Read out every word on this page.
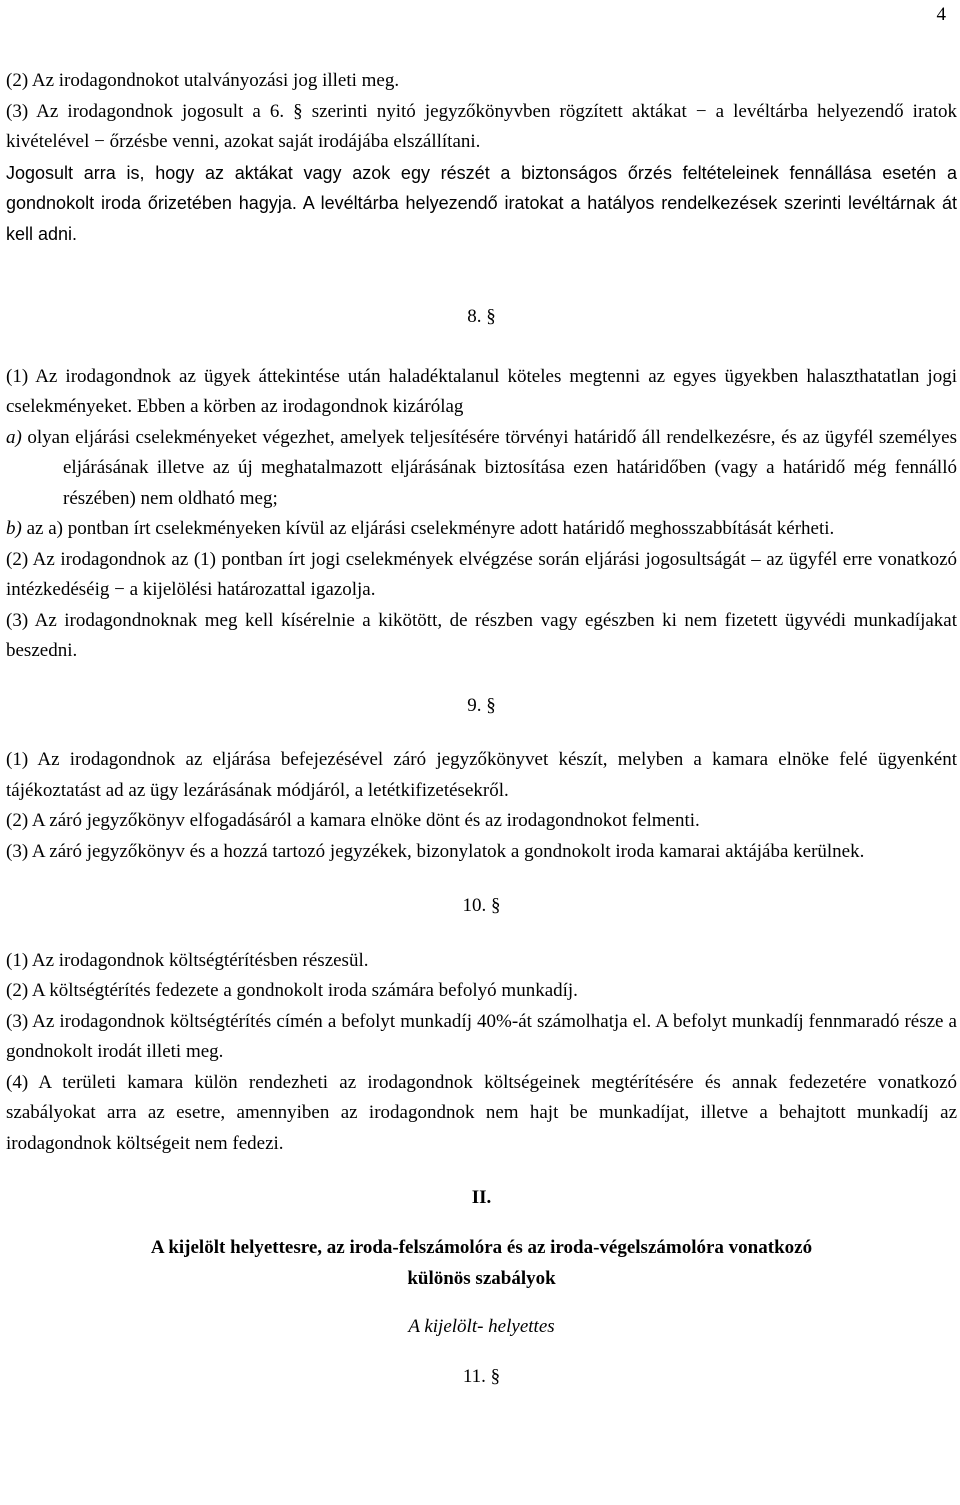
4

(2) Az irodagondnokot utalványozási jog illeti meg.

(3) Az irodagondnok jogosult a 6. § szerinti nyitó jegyzőkönyvben rögzített aktákat − a levéltárba helyezendő iratok kivételével − őrzésbe venni, azokat saját irodájába elszállítani.

Jogosult arra is, hogy az aktákat vagy azok egy részét a biztonságos őrzés feltételeinek fennállása esetén a gondnokolt iroda őrizetében hagyja. A levéltárba helyezendő iratokat a hatályos rendelkezések szerinti levéltárnak át kell adni.

8. §

(1) Az irodagondnok az ügyek áttekintése után haladéktalanul köteles megtenni az egyes ügyekben halaszthatatlan jogi cselekményeket. Ebben a körben az irodagondnok kizárólag

a) olyan eljárási cselekményeket végezhet, amelyek teljesítésére törvényi határidő áll rendelkezésre, és az ügyfél személyes eljárásának illetve az új meghatalmazott eljárásának biztosítása ezen határidőben (vagy a határidő még fennálló részében) nem oldható meg;
b) az a) pontban írt cselekményeken kívül az eljárási cselekményre adott határidő meghosszabbítását kérheti.

(2) Az irodagondnok az (1) pontban írt jogi cselekmények elvégzése során eljárási jogosultságát – az ügyfél erre vonatkozó intézkedéséig − a kijelölési határozattal igazolja.

(3) Az irodagondnoknak meg kell kísérelnie a kikötött, de részben vagy egészben ki nem fizetett ügyvédi munkadíjakat beszedni.

9. §

(1) Az irodagondnok az eljárása befejezésével záró jegyzőkönyvet készít, melyben a kamara elnöke felé ügyenként tájékoztatást ad az ügy lezárásának módjáról, a letétkifizetésekről.

(2) A záró jegyzőkönyv elfogadásáról a kamara elnöke dönt és az irodagondnokot felmenti.

(3) A záró jegyzőkönyv és a hozzá tartozó jegyzékek, bizonylatok a gondnokolt iroda kamarai aktájába kerülnek.

10. §

(1) Az irodagondnok költségtérítésben részesül.

(2) A költségtérítés fedezete a gondnokolt iroda számára befolyó munkadíj.

(3) Az irodagondnok költségtérítés címén a befolyt munkadíj 40%-át számolhatja el. A befolyt munkadíj fennmaradó része a gondnokolt irodát illeti meg.

(4) A területi kamara külön rendezheti az irodagondnok költségeinek megtérítésére és annak fedezetére vonatkozó szabályokat arra az esetre, amennyiben az irodagondnok nem hajt be munkadíjat, illetve a behajtott munkadíj az irodagondnok költségeit nem fedezi.

II.

A kijelölt helyettesre, az iroda-felszámolóra és az iroda-végelszámolóra vonatkozó

különös szabályok

A kijelölt- helyettes

11. §
